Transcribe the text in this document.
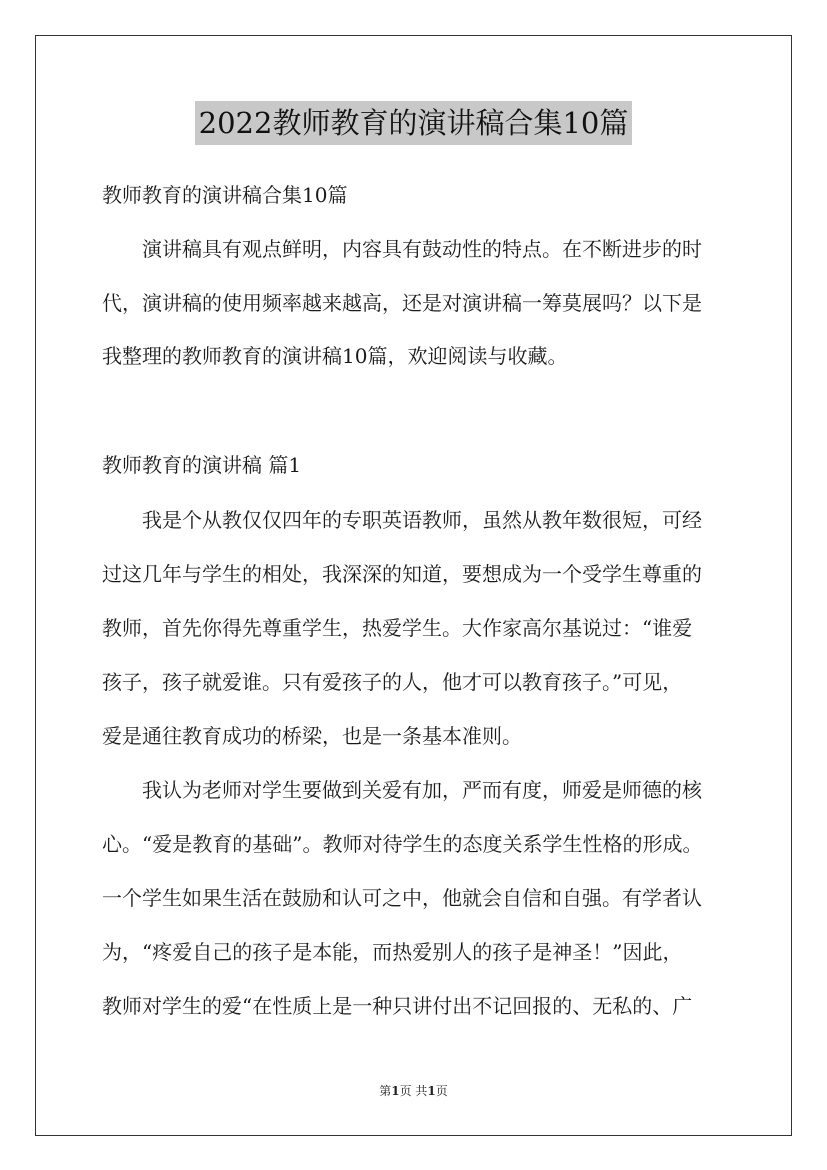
2022教师教育的演讲稿合集10篇
教师教育的演讲稿合集10篇
演讲稿具有观点鲜明，内容具有鼓动性的特点。在不断进步的时
代，演讲稿的使用频率越来越高，还是对演讲稿一筹莫展吗？以下是
我整理的教师教育的演讲稿10篇，欢迎阅读与收藏。
教师教育的演讲稿 篇1
我是个从教仅仅四年的专职英语教师，虽然从教年数很短，可经
过这几年与学生的相处，我深深的知道，要想成为一个受学生尊重的
教师，首先你得先尊重学生，热爱学生。大作家高尔基说过：“谁爱
孩子，孩子就爱谁。只有爱孩子的人，他才可以教育孩子。”可见，
爱是通往教育成功的桥梁，也是一条基本准则。
我认为老师对学生要做到关爱有加，严而有度，师爱是师德的核
心。“爱是教育的基础”。教师对待学生的态度关系学生性格的形成。
一个学生如果生活在鼓励和认可之中，他就会自信和自强。有学者认
为，“疼爱自己的孩子是本能，而热爱别人的孩子是神圣！”因此，
教师对学生的爱“在性质上是一种只讲付出不记回报的、无私的、广
第1页 共1页
